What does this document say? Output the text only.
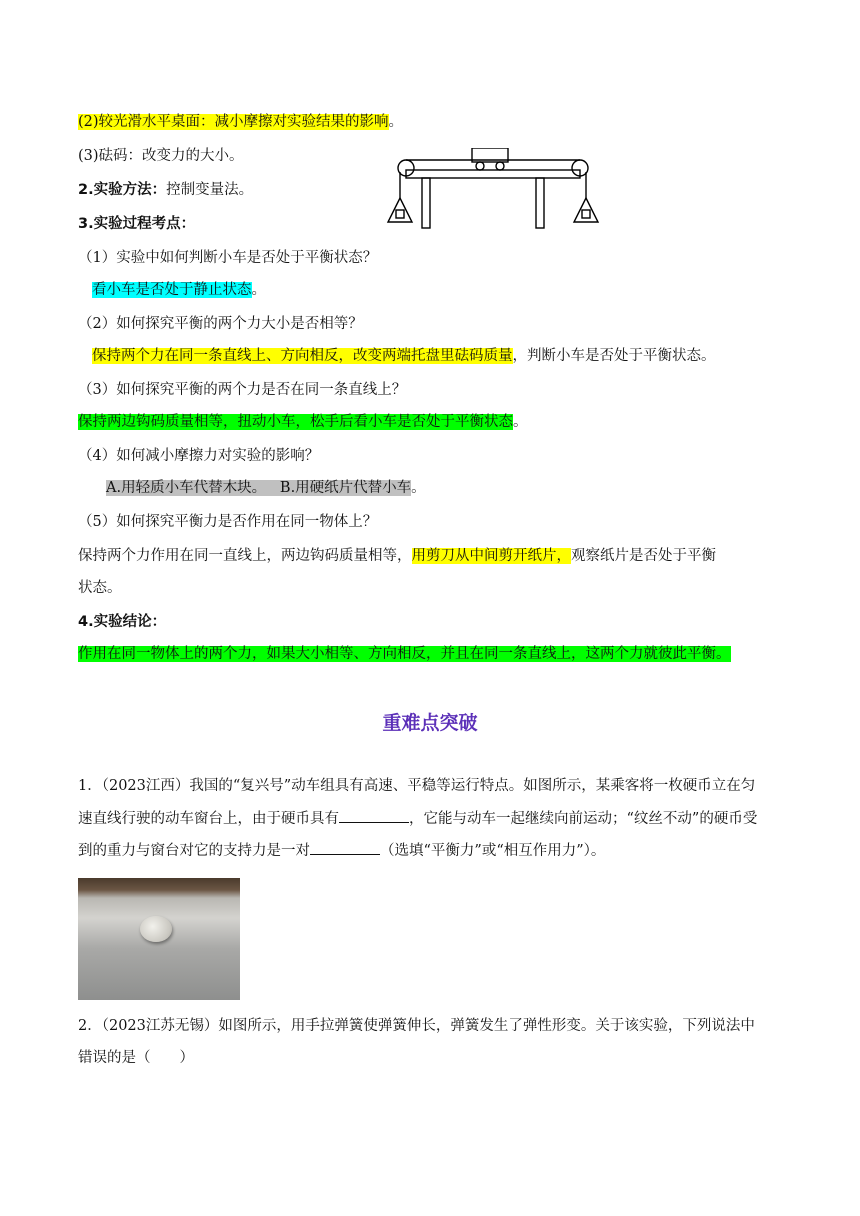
(2)较光滑水平桌面：减小摩擦对实验结果的影响。
(3)砝码：改变力的大小。
2.实验方法：控制变量法。
3.实验过程考点：
（1）实验中如何判断小车是否处于平衡状态？
看小车是否处于静止状态。
（2）如何探究平衡的两个力大小是否相等？
保持两个力在同一条直线上、方向相反，改变两端托盘里砝码质量，判断小车是否处于平衡状态。
（3）如何探究平衡的两个力是否在同一条直线上？
保持两边钩码质量相等，扭动小车，松手后看小车是否处于平衡状态。
（4）如何减小摩擦力对实验的影响？
A.用轻质小车代替木块。   B.用硬纸片代替小车。
（5）如何探究平衡力是否作用在同一物体上？
保持两个力作用在同一直线上，两边钩码质量相等，用剪刀从中间剪开纸片，观察纸片是否处于平衡
状态。
4.实验结论：
作用在同一物体上的两个力，如果大小相等、方向相反，并且在同一条直线上，这两个力就彼此平衡。
重难点突破
1．（2023江西）我国的“复兴号”动车组具有高速、平稳等运行特点。如图所示，某乘客将一枚硬币立在匀
速直线行驶的动车窗台上，由于硬币具有	，它能与动车一起继续向前运动；“纹丝不动”的硬币受
到的重力与窗台对它的支持力是一对	（选填“平衡力”或“相互作用力”）。
2．（2023江苏无锡）如图所示，用手拉弹簧使弹簧伸长，弹簧发生了弹性形变。关于该实验，下列说法中
错误的是（　　）
